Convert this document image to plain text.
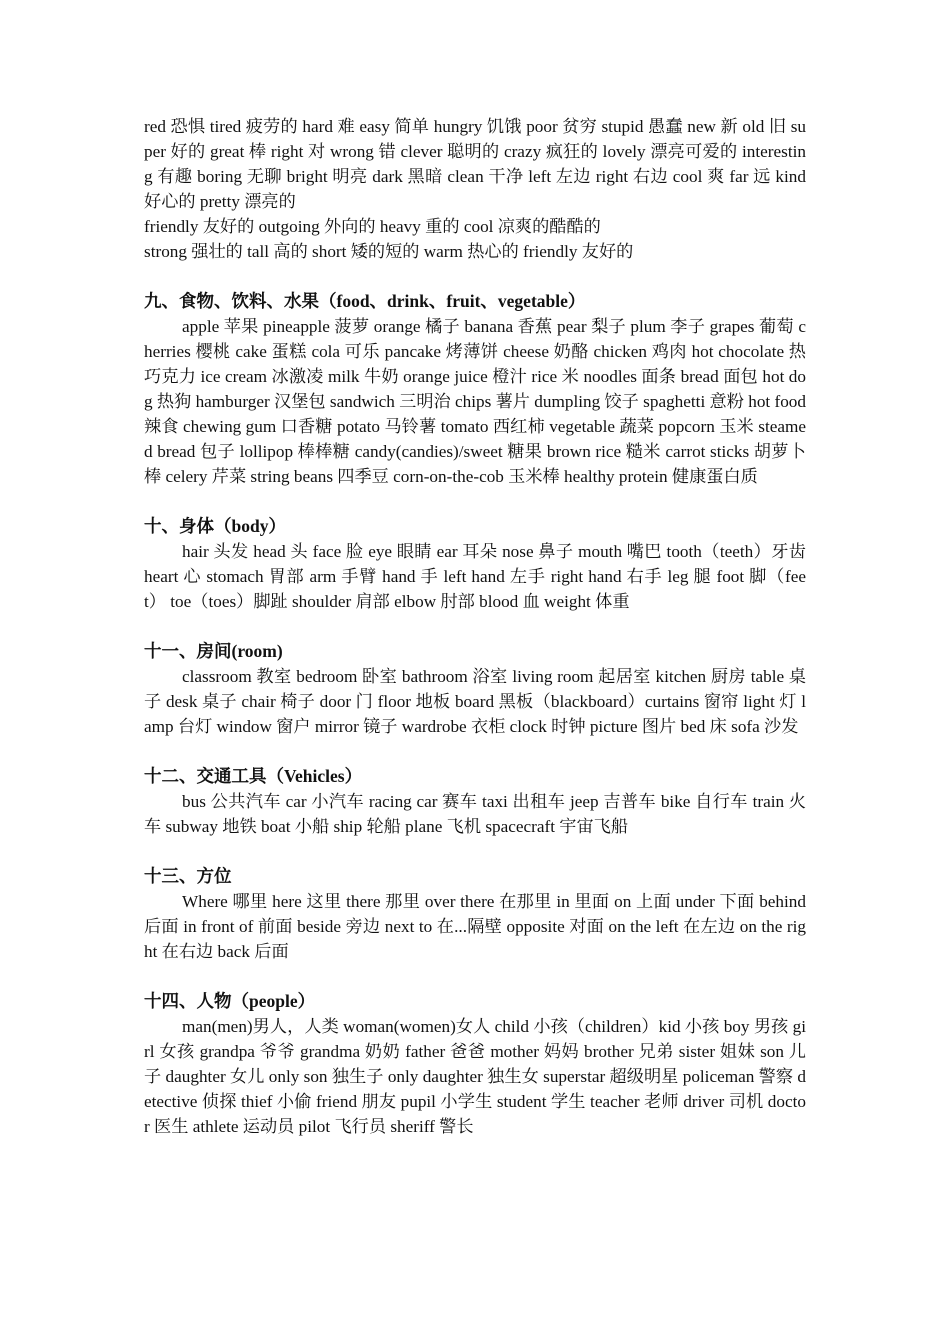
red 恐惧 tired 疲劳的 hard 难 easy 简单 hungry 饥饿 poor 贫穷 stupid 愚蠢 new 新 old 旧 super 好的 great 棒 right 对 wrong 错 clever 聪明的 crazy 疯狂的 lovely 漂亮可爱的 interesting 有趣 boring 无聊 bright 明亮 dark 黑暗 clean 干净 left 左边 right 右边 cool 爽 far 远 kind 好心的 pretty 漂亮的

friendly 友好的 outgoing 外向的 heavy 重的 cool 凉爽的酷酷的

strong 强壮的 tall 高的 short 矮的短的 warm 热心的 friendly 友好的

九、食物、饮料、水果（food、drink、fruit、vegetable）

apple 苹果 pineapple 菠萝 orange 橘子 banana 香蕉 pear 梨子 plum 李子 grapes 葡萄 cherries 樱桃 cake 蛋糕 cola 可乐 pancake 烤薄饼 cheese 奶酪 chicken 鸡肉 hot chocolate 热巧克力 ice cream 冰激凌 milk 牛奶 orange juice 橙汁 rice 米 noodles 面条 bread 面包 hot dog 热狗 hamburger 汉堡包 sandwich 三明治 chips 薯片 dumpling 饺子 spaghetti 意粉 hot food 辣食 chewing gum 口香糖 potato 马铃薯 tomato 西红柿 vegetable 蔬菜 popcorn 玉米 steamed bread 包子 lollipop 棒棒糖 candy(candies)/sweet 糖果 brown rice 糙米 carrot sticks 胡萝卜棒 celery 芹菜 string beans 四季豆 corn-on-the-cob 玉米棒 healthy protein 健康蛋白质

十、身体（body）

hair 头发 head 头 face 脸 eye 眼睛 ear 耳朵 nose 鼻子 mouth 嘴巴 tooth（teeth）牙齿 heart 心 stomach 胃部 arm 手臂 hand 手 left hand 左手 right hand 右手 leg 腿 foot 脚（feet） toe（toes）脚趾 shoulder 肩部 elbow 肘部 blood 血 weight 体重

十一、房间(room)

classroom 教室 bedroom 卧室 bathroom 浴室 living room 起居室 kitchen 厨房 table 桌子 desk 桌子 chair 椅子 door 门 floor 地板 board 黑板（blackboard）curtains 窗帘 light 灯 lamp 台灯 window 窗户 mirror 镜子 wardrobe 衣柜 clock 时钟 picture 图片 bed 床 sofa 沙发

十二、交通工具（Vehicles）

bus 公共汽车 car 小汽车 racing car 赛车 taxi 出租车 jeep 吉普车 bike 自行车 train 火车 subway 地铁 boat 小船 ship 轮船 plane 飞机 spacecraft 宇宙飞船

十三、方位

Where 哪里 here 这里 there 那里 over there 在那里 in 里面 on 上面 under 下面 behind 后面 in front of 前面 beside 旁边 next to 在...隔壁 opposite 对面 on the left 在左边 on the right 在右边 back 后面

十四、人物（people）

man(men)男人，人类 woman(women)女人 child 小孩（children）kid 小孩 boy 男孩 girl 女孩 grandpa 爷爷 grandma 奶奶 father 爸爸 mother 妈妈 brother 兄弟 sister 姐妹 son 儿子 daughter 女儿 only son 独生子 only daughter 独生女 superstar 超级明星 policeman 警察 detective 侦探 thief 小偷 friend 朋友 pupil 小学生 student 学生 teacher 老师 driver 司机 doctor 医生 athlete 运动员 pilot 飞行员 sheriff 警长
